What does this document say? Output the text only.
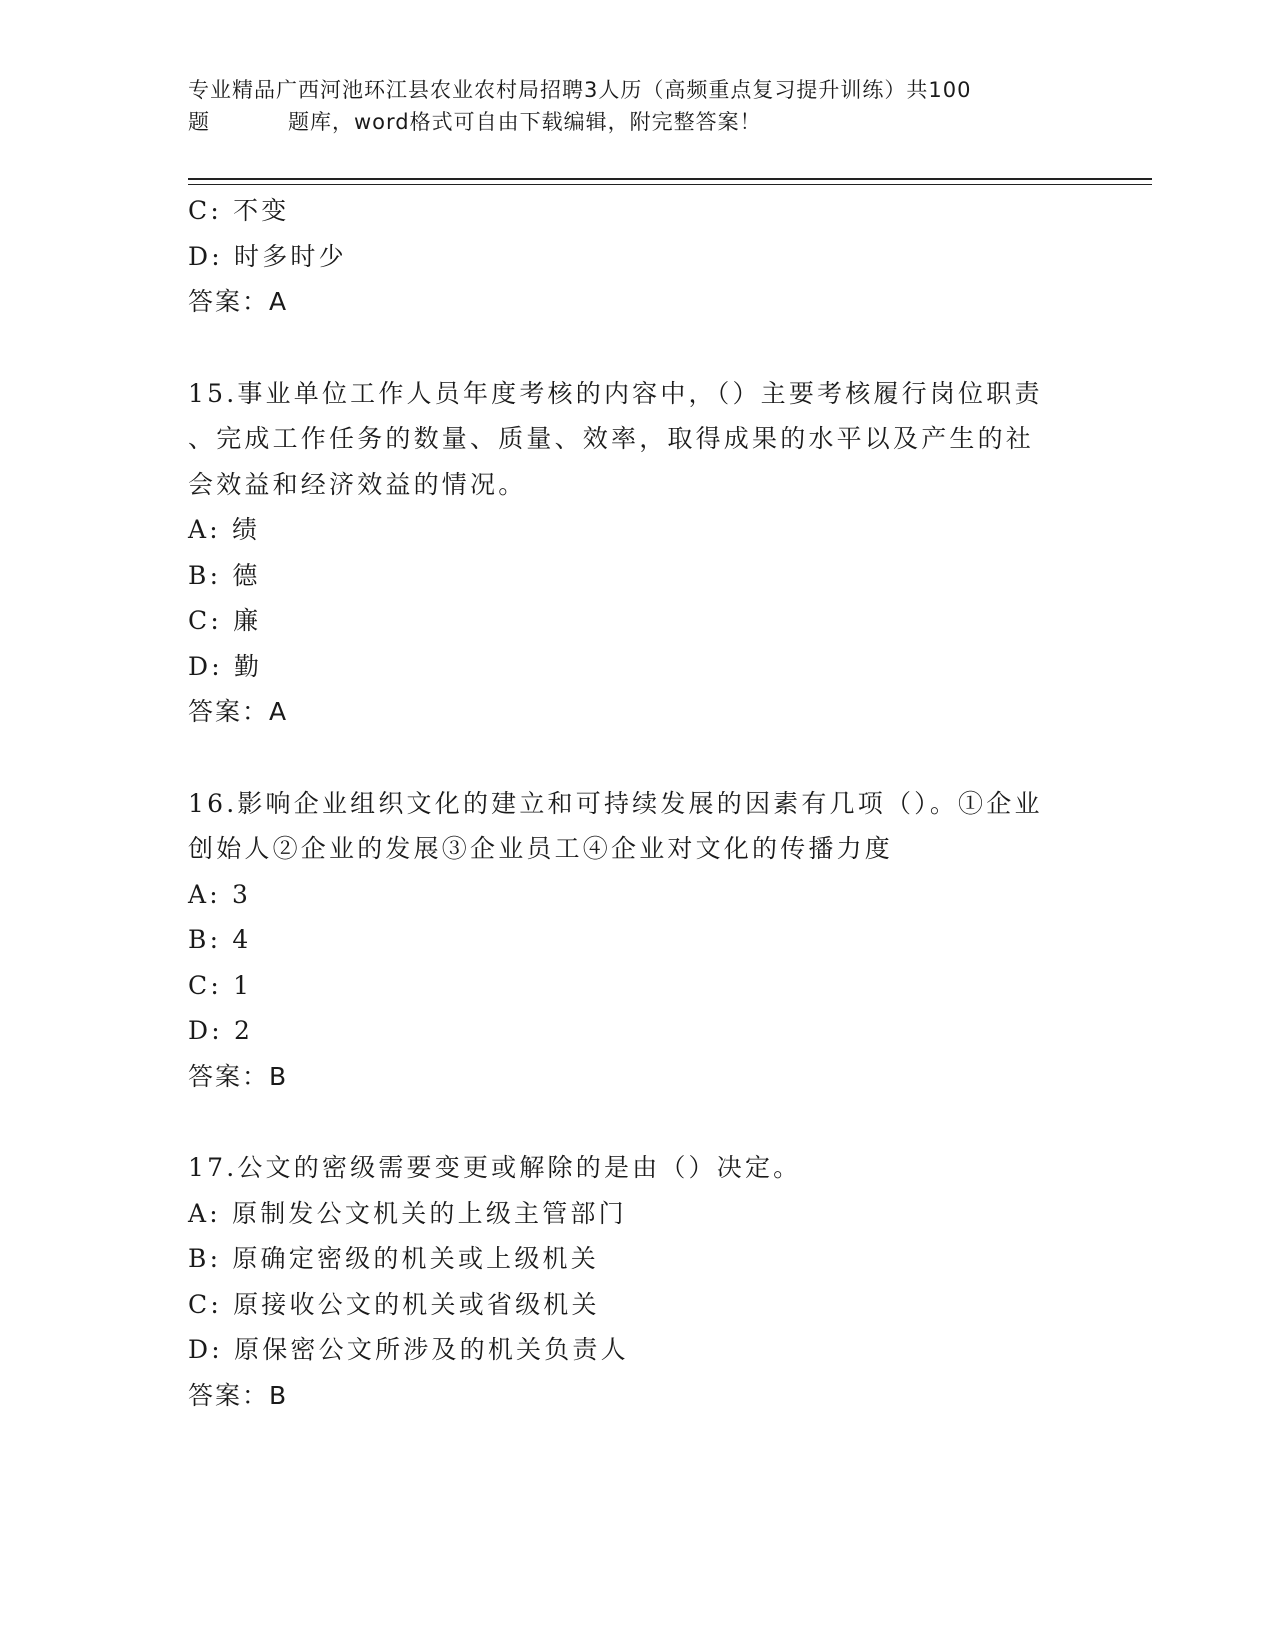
专业精品广西河池环江县农业农村局招聘3人历（高频重点复习提升训练）共100
题	题库，word格式可自由下载编辑，附完整答案！
C: 不变
D: 时多时少
答案：A
15.事业单位工作人员年度考核的内容中，（）主要考核履行岗位职责
、完成工作任务的数量、质量、效率，取得成果的水平以及产生的社
会效益和经济效益的情况。
A: 绩
B: 德
C: 廉
D: 勤
答案：A
16.影响企业组织文化的建立和可持续发展的因素有几项（）。①企业
创始人②企业的发展③企业员工④企业对文化的传播力度
A: 3
B: 4
C: 1
D: 2
答案：B
17.公文的密级需要变更或解除的是由（）决定。
A: 原制发公文机关的上级主管部门
B: 原确定密级的机关或上级机关
C: 原接收公文的机关或省级机关
D: 原保密公文所涉及的机关负责人
答案：B
